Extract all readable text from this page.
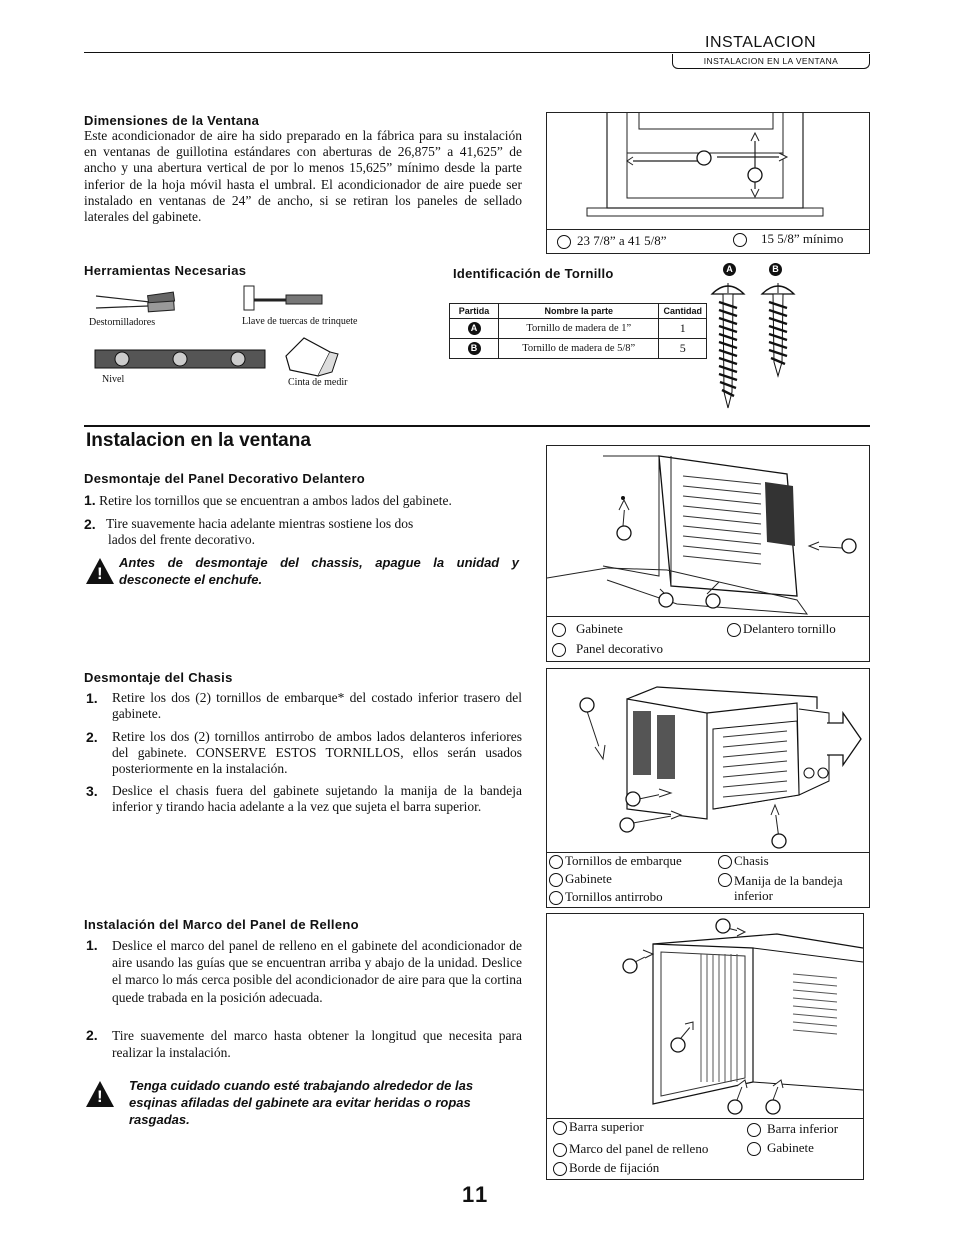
INSTALACION
INSTALACION EN LA VENTANA
Dimensiones de la Ventana
Este acondicionador de aire ha sido preparado en la fábrica para su instalación en ventanas de guillotina estándares con aberturas de 26,875” a 41,625” de ancho y una abertura vertical de por lo menos 15,625” mínimo desde la parte inferior de la hoja móvil hasta el umbral. El acondicionador de aire puede ser instalado en ventanas de 24” de ancho, si se retiran los paneles de sellado laterales del gabinete.
23 7/8” a 41 5/8”	15 5/8” mínimo
Herramientas Necesarias
Destornilladores	Llave de tuercas de trinquete
Nivel	Cinta de medir
Identificación de Tornillo
Partida	Nombre la parte	Cantidad
A	Tornillo de madera de 1”	1
B	Tornillo de madera de 5/8”	5
A	B
Instalacion en la ventana
Desmontaje del Panel Decorativo Delantero
1. Retire los tornillos que se encuentran a ambos lados del gabinete.
2. Tire suavemente hacia adelante mientras sostiene los dos lados del frente decorativo.
!
Antes de desmontaje del chassis, apague la unidad y desconecte el enchufe.
Gabinete	Delantero tornillo
Panel decorativo
Desmontaje del Chasis
1. Retire los dos (2) tornillos de embarque* del costado inferior trasero del gabinete.
2. Retire los dos (2) tornillos antirrobo de ambos lados delanteros inferiores del gabinete. CONSERVE ESTOS TORNILLOS, ellos serán usados posteriormente en la instalación.
3. Deslice el chasis fuera del gabinete sujetando la manija de la bandeja inferior y tirando hacia adelante a la vez que sujeta el barra superior.
Tornillos de embarque
Gabinete
Tornillos antirrobo
Chasis
Manija de la bandeja inferior
Instalación del Marco del Panel de Relleno
1. Deslice el marco del panel de relleno en el gabinete del acondicionador de aire usando las guías que se encuentran arriba y abajo de la unidad. Deslice el marco lo más cerca posible del acondicionador de aire para que la cortina quede trabada en la posición adecuada.
2. Tire suavemente del marco hasta obtener la longitud que necesita para realizar la instalación.
!
Tenga cuidado cuando esté trabajando alrededor de las esqinas afiladas del gabinete ara evitar heridas o ropas rasgadas.	Barra superior
Marco del panel de relleno
Borde de fijación
Barra inferior
Gabinete
11
